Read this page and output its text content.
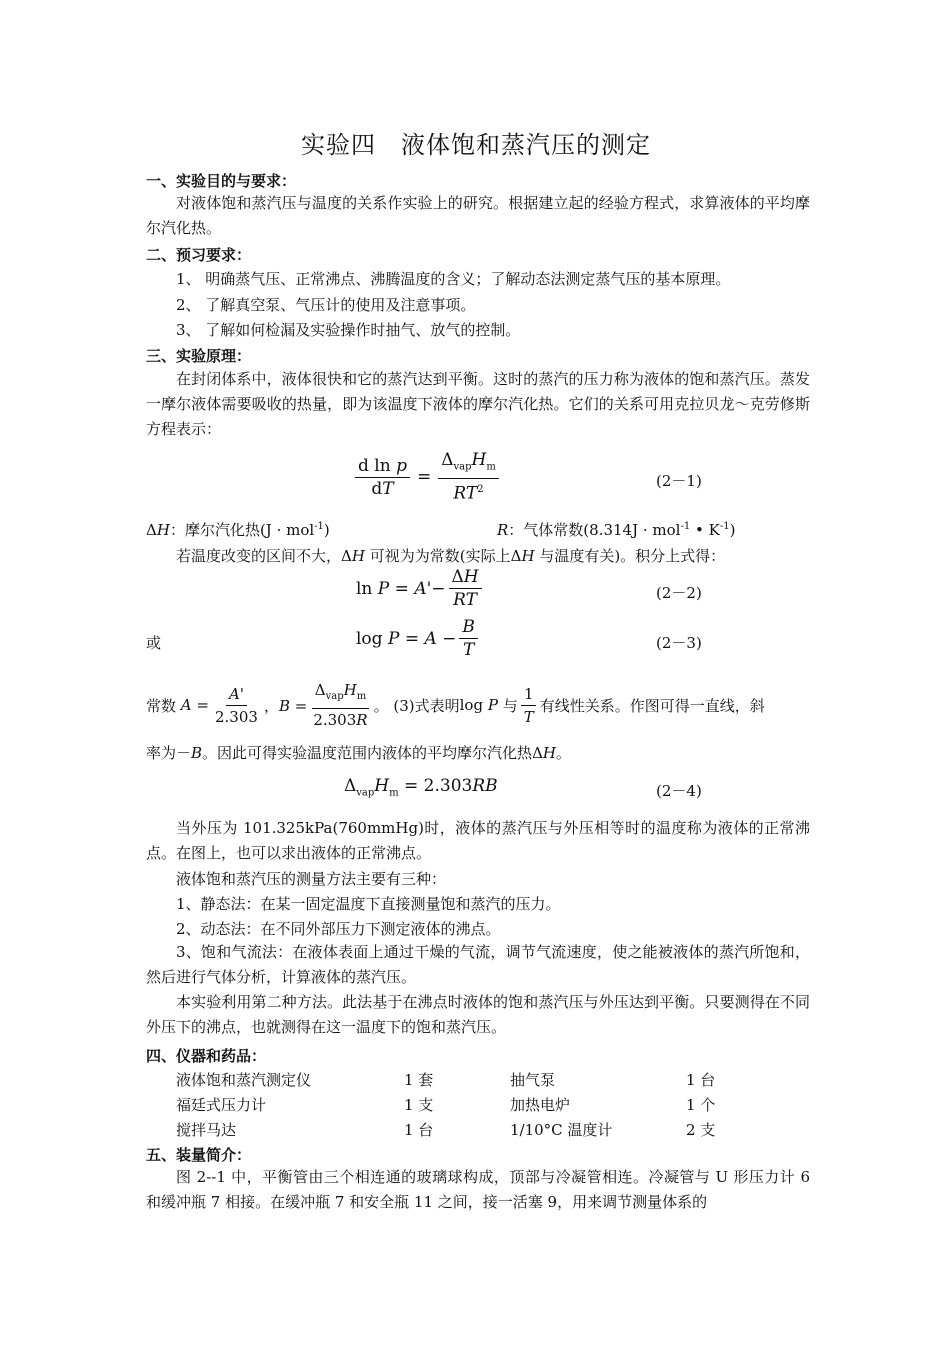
实验四　液体饱和蒸汽压的测定
一、实验目的与要求：
对液体饱和蒸汽压与温度的关系作实验上的研究。根据建立起的经验方程式，求算液体的平均摩尔汽化热。
二、预习要求：
1、 明确蒸气压、正常沸点、沸腾温度的含义；了解动态法测定蒸气压的基本原理。
2、 了解真空泵、气压计的使用及注意事项。
3、 了解如何检漏及实验操作时抽气、放气的控制。
三、实验原理：
在封闭体系中，液体很快和它的蒸汽达到平衡。这时的蒸汽的压力称为液体的饱和蒸汽压。蒸发一摩尔液体需要吸收的热量，即为该温度下液体的摩尔汽化热。它们的关系可用克拉贝龙～克劳修斯方程表示：
$\frac{\text{d ln p}}{dT} = \frac{\Delta_{vap}H_m}{RT^2}$	(2－1)
ΔH：摩尔汽化热(J · mol$^{-1}$)	R：气体常数(8.314J · mol$^{-1}$ • $K^{-1}$)
若温度改变的区间不大，ΔH 可视为为常数(实际上ΔH 与温度有关)。积分上式得：
$\ln P = A'- \frac{\Delta H}{RT}$	(2－2)
或	$\log P = A - \frac{B}{T}$	(2－3)
常数 $A = \frac{A'}{2.303}$ ，$B = \frac{\Delta_{vap}H_m}{2.303R}$ 。 (3)式表明 log P 与 $\frac{1}{T}$ 有线性关系。作图可得一直线，斜
率为－B。因此可得实验温度范围内液体的平均摩尔汽化热ΔH。
$\Delta_{vap}H_m = 2.303RB$	(2－4)
当外压为 101.325kPa(760mmHg)时，液体的蒸汽压与外压相等时的温度称为液体的正常沸点。在图上，也可以求出液体的正常沸点。
液体饱和蒸汽压的测量方法主要有三种：
1、静态法：在某一固定温度下直接测量饱和蒸汽的压力。
2、动态法：在不同外部压力下测定液体的沸点。
3、饱和气流法：在液体表面上通过干燥的气流，调节气流速度，使之能被液体的蒸汽所饱和，然后进行气体分析，计算液体的蒸汽压。
本实验利用第二种方法。此法基于在沸点时液体的饱和蒸汽压与外压达到平衡。只要测得在不同外压下的沸点，也就测得在这一温度下的饱和蒸汽压。
四、仪器和药品：
液体饱和蒸汽测定仪	1 套	抽气泵	1 台
福廷式压力计	1 支	加热电炉	1 个
搅拌马达	1 台	1/10°C 温度计	2 支
五、装量简介：
图 2--1 中，平衡管由三个相连通的玻璃球构成，顶部与冷凝管相连。冷凝管与 U 形压力计 6 和缓冲瓶 7 相接。在缓冲瓶 7 和安全瓶 11 之间，接一活塞 9，用来调节测量体系的
